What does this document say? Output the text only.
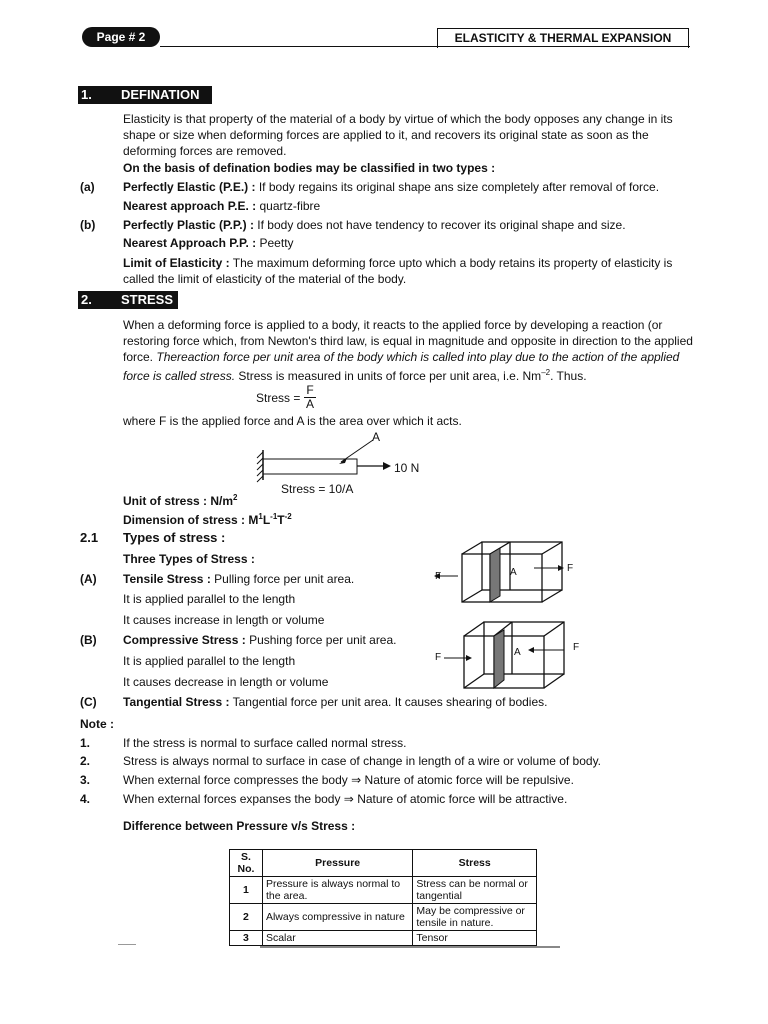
Page # 2	ELASTICITY & THERMAL EXPANSION
1.	DEFINATION
Elasticity is that property of the material of a body by virtue of which the body opposes any change in its shape or size when deforming forces are applied to it, and recovers its original state as soon as the deforming forces are removed.
On the basis of defination bodies may be classified in two types :
(a) Perfectly Elastic (P.E.) : If body regains its original shape ans size completely after removal of force.
Nearest approach P.E. : quartz-fibre
(b) Perfectly Plastic (P.P.) : If body does not have tendency to recover its original shape and size.
Nearest Approach P.P. : Peetty
Limit of Elasticity : The maximum deforming force upto which a body retains its property of elasticity is called the limit of elasticity of the material of the body.
2.	STRESS
When a deforming force is applied to a body, it reacts to the applied force by developing a reaction (or restoring force which, from Newton's third law, is equal in magnitude and opposite in direction to the applied force. Thereaction force per unit area of the body which is called into play due to the action of the applied force is called stress. Stress is measured in units of force per unit area, i.e. $Nm^{-2}$. Thus.
Stress = $\frac{F}{A}$
where F is the applied force and A is the area over which it acts.
A
10 N
Stress = 10/A
Unit of stress : $N/m^2$
Dimension of stress : $M^1L^{-1}T^{-2}$
2.1 Types of stress :
Three Types of Stress :
(A) Tensile Stress : Pulling force per unit area.
It is applied parallel to the length
It causes increase in length or volume
(B) Compressive Stress : Pushing force per unit area.
It is applied parallel to the length
It causes decrease in length or volume
(C) Tangential Stress : Tangential force per unit area. It causes shearing of bodies.
F	A	F
F	A	F
Note :
1.	If the stress is normal to surface called normal stress.
2.	Stress is always normal to surface in case of change in length of a wire or volume of body.
3.	When external force compresses the body ⇒ Nature of atomic force will be repulsive.
4.	When external forces expanses the body ⇒ Nature of atomic force will be attractive.
Difference between Pressure v/s Stress :
S. No.	Pressure	Stress
1	Pressure is always normal to the area.	Stress can be normal or tangential
2	Always compressive in nature	May be compressive or tensile in nature.
3	Scalar	Tensor
